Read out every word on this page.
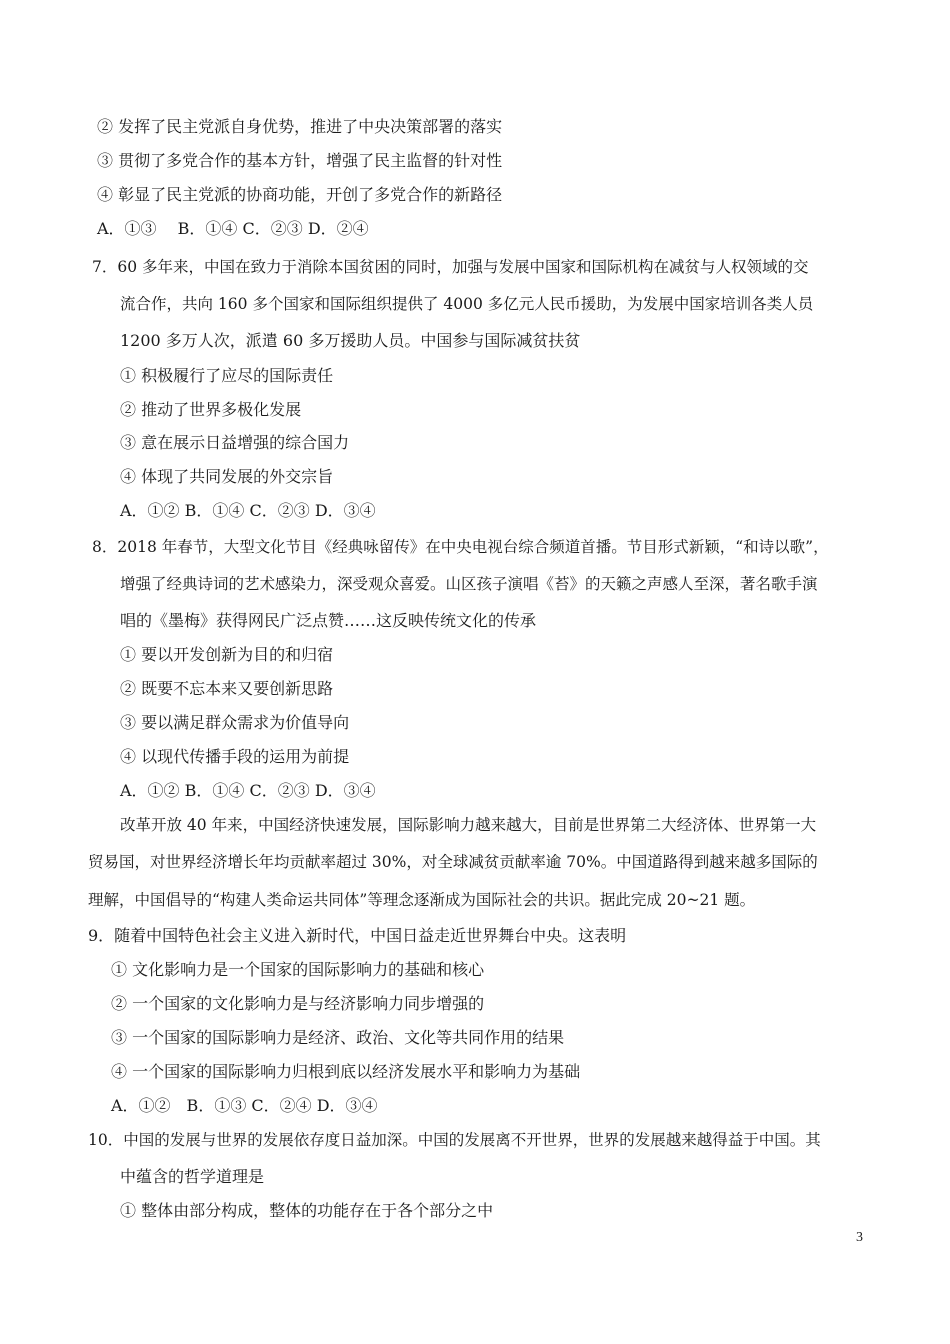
② 发挥了民主党派自身优势，推进了中央决策部署的落实
③ 贯彻了多党合作的基本方针，增强了民主监督的针对性
④ 彰显了民主党派的协商功能，开创了多党合作的新路径
A．①③　 B．①④ C．②③ D．②④
7．60 多年来，中国在致力于消除本国贫困的同时，加强与发展中国家和国际机构在减贫与人权领域的交
流合作，共向 160 多个国家和国际组织提供了 4000 多亿元人民币援助，为发展中国家培训各类人员
1200 多万人次，派遣 60 多万援助人员。中国参与国际减贫扶贫
① 积极履行了应尽的国际责任
② 推动了世界多极化发展
③ 意在展示日益增强的综合国力
④ 体现了共同发展的外交宗旨
A．①② B．①④ C．②③ D．③④
8．2018 年春节，大型文化节目《经典咏留传》在中央电视台综合频道首播。节目形式新颖，“和诗以歌”，
增强了经典诗词的艺术感染力，深受观众喜爱。山区孩子演唱《苔》的天籁之声感人至深，著名歌手演
唱的《墨梅》获得网民广泛点赞……这反映传统文化的传承
① 要以开发创新为目的和归宿
② 既要不忘本来又要创新思路
③ 要以满足群众需求为价值导向
④ 以现代传播手段的运用为前提
A．①② B．①④ C．②③ D．③④
改革开放 40 年来，中国经济快速发展，国际影响力越来越大，目前是世界第二大经济体、世界第一大
贸易国，对世界经济增长年均贡献率超过 30%，对全球减贫贡献率逾 70%。中国道路得到越来越多国际的
理解，中国倡导的“构建人类命运共同体”等理念逐渐成为国际社会的共识。据此完成 20~21 题。
9．随着中国特色社会主义进入新时代，中国日益走近世界舞台中央。这表明
① 文化影响力是一个国家的国际影响力的基础和核心
② 一个国家的文化影响力是与经济影响力同步增强的
③ 一个国家的国际影响力是经济、政治、文化等共同作用的结果
④ 一个国家的国际影响力归根到底以经济发展水平和影响力为基础
A．①②　B．①③ C．②④ D．③④
10．中国的发展与世界的发展依存度日益加深。中国的发展离不开世界，世界的发展越来越得益于中国。其
中蕴含的哲学道理是
① 整体由部分构成，整体的功能存在于各个部分之中
3
